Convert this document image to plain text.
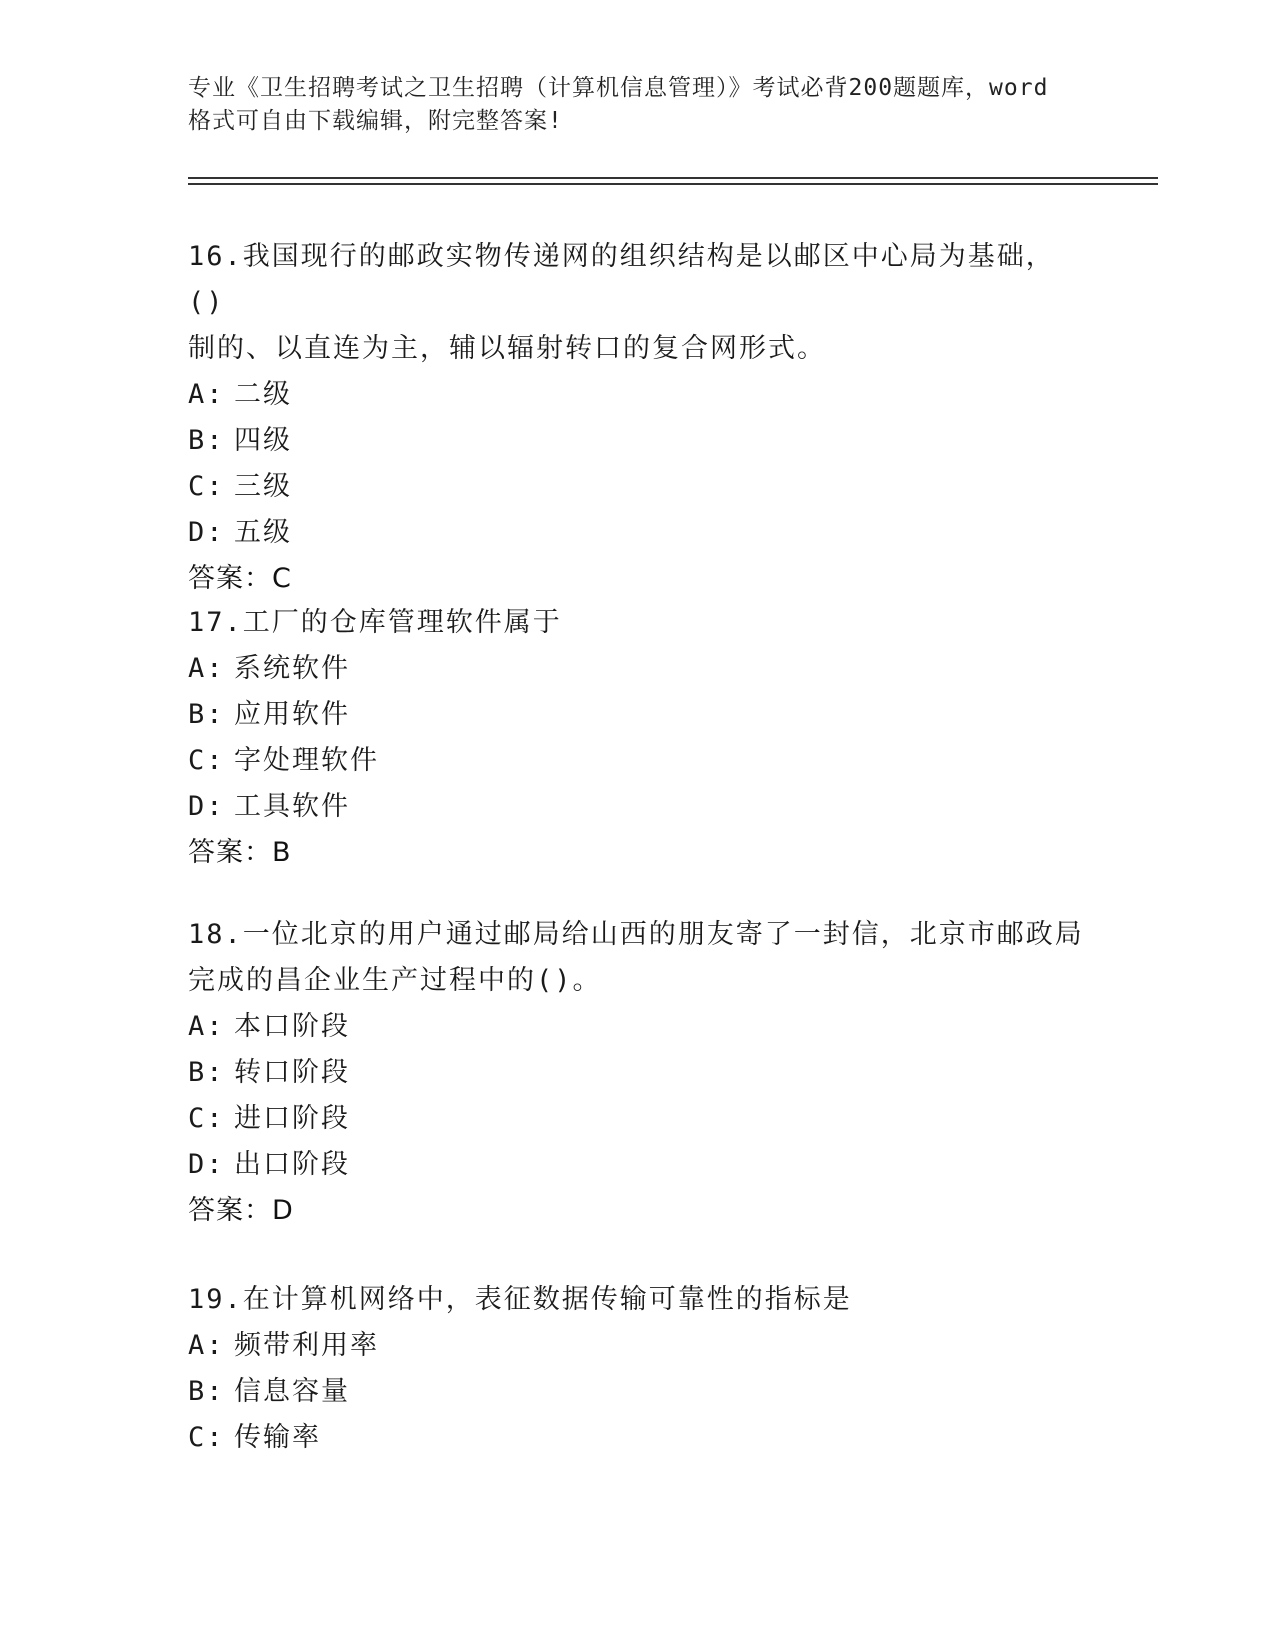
专业《卫生招聘考试之卫生招聘（计算机信息管理）》考试必背200题题库，word
格式可自由下载编辑，附完整答案!
16.我国现行的邮政实物传递网的组织结构是以邮区中心局为基础，()
制的、以直连为主，辅以辐射转口的复合网形式。
A: 二级
B: 四级
C: 三级
D: 五级
答案：C
17.工厂的仓库管理软件属于
A: 系统软件
B: 应用软件
C: 字处理软件
D: 工具软件
答案：B
18.一位北京的用户通过邮局给山西的朋友寄了一封信，北京市邮政局
完成的昌企业生产过程中的()。
A: 本口阶段
B: 转口阶段
C: 进口阶段
D: 出口阶段
答案：D
19.在计算机网络中，表征数据传输可靠性的指标是
A: 频带利用率
B: 信息容量
C: 传输率
